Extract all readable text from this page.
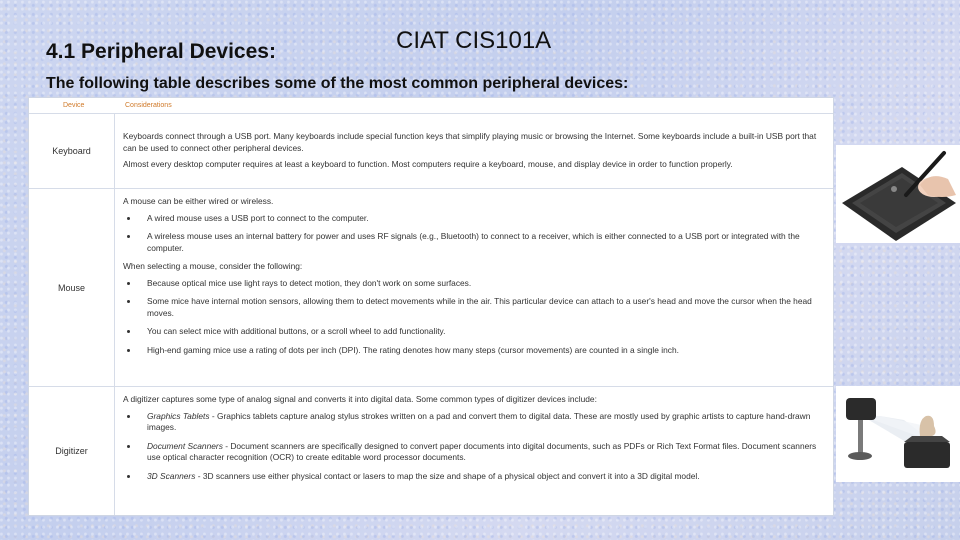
4.1 Peripheral Devices:	CIAT CIS101A
The following table describes some of the most common peripheral devices:
Device	Considerations
Keyboard

Keyboards connect through a USB port. Many keyboards include special function keys that simplify playing music or browsing the Internet. Some keyboards include a built-in USB port that can be used to connect other peripheral devices.

Almost every desktop computer requires at least a keyboard to function. Most computers require a keyboard, mouse, and display device in order to function properly.

Mouse

A mouse can be either wired or wireless.

A wired mouse uses a USB port to connect to the computer.
A wireless mouse uses an internal battery for power and uses RF signals (e.g., Bluetooth) to connect to a receiver, which is either connected to a USB port or integrated with the computer.

When selecting a mouse, consider the following:

Because optical mice use light rays to detect motion, they don't work on some surfaces.
Some mice have internal motion sensors, allowing them to detect movements while in the air. This particular device can attach to a user's head and move the cursor when the head moves.
You can select mice with additional buttons, or a scroll wheel to add functionality.
High-end gaming mice use a rating of dots per inch (DPI). The rating denotes how many steps (cursor movements) are counted in a single inch.
Digitizer

A digitizer captures some type of analog signal and converts it into digital data. Some common types of digitizer devices include:

Graphics Tablets - Graphics tablets capture analog stylus strokes written on a pad and convert them to digital data. These are mostly used by graphic artists to capture hand-drawn images.
Document Scanners - Document scanners are specifically designed to convert paper documents into digital documents, such as PDFs or Rich Text Format files. Document scanners use optical character recognition (OCR) to create editable word processor documents.
3D Scanners - 3D scanners use either physical contact or lasers to map the size and shape of a physical object and convert it into a 3D digital model.
